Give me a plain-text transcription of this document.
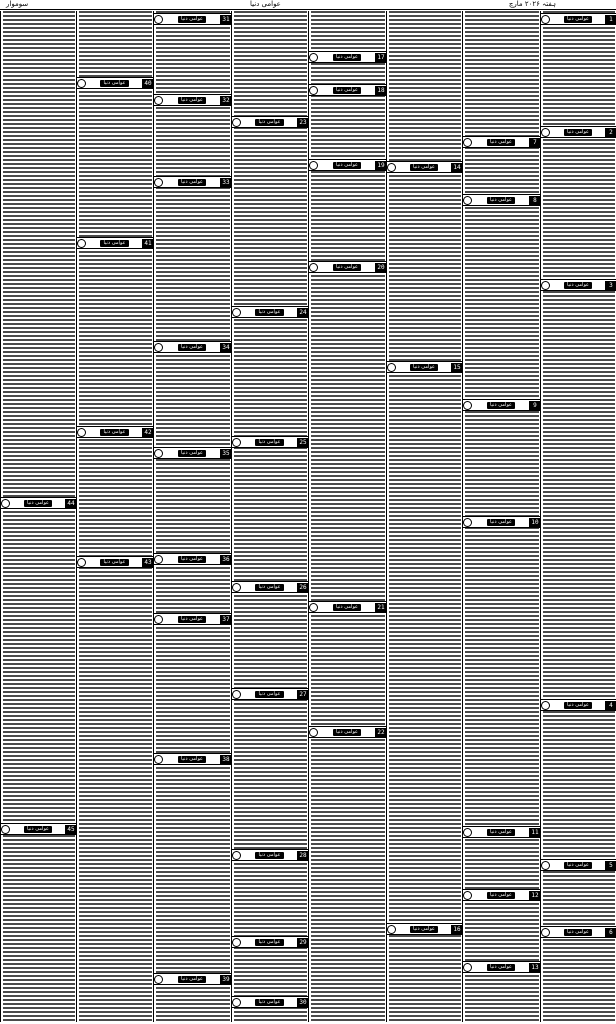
سوموار	عوامی دنیا	ہفتہ ۲۰۲۶ مارچ
عوامی دنیا	44
عوامی دنیا	45
عوامی دنیا	40
عوامی دنیا	41
عوامی دنیا	42
عوامی دنیا	43
عوامی دنیا	31
عوامی دنیا	32
عوامی دنیا	33
عوامی دنیا	34
عوامی دنیا	35
عوامی دنیا	36
عوامی دنیا	37
عوامی دنیا	38
عوامی دنیا	39
عوامی دنیا	23
عوامی دنیا	24
عوامی دنیا	25
عوامی دنیا	26
عوامی دنیا	27
عوامی دنیا	28
عوامی دنیا	29
عوامی دنیا	30
عوامی دنیا	17
عوامی دنیا	18
عوامی دنیا	19
عوامی دنیا	20
عوامی دنیا	21
عوامی دنیا	22
عوامی دنیا	14
عوامی دنیا	15
عوامی دنیا	16
عوامی دنیا	7
عوامی دنیا	8
عوامی دنیا	9
عوامی دنیا	10
عوامی دنیا	11
عوامی دنیا	12
عوامی دنیا	13
عوامی دنیا	1
عوامی دنیا	2
عوامی دنیا	3
عوامی دنیا	4
عوامی دنیا	5
عوامی دنیا	6
